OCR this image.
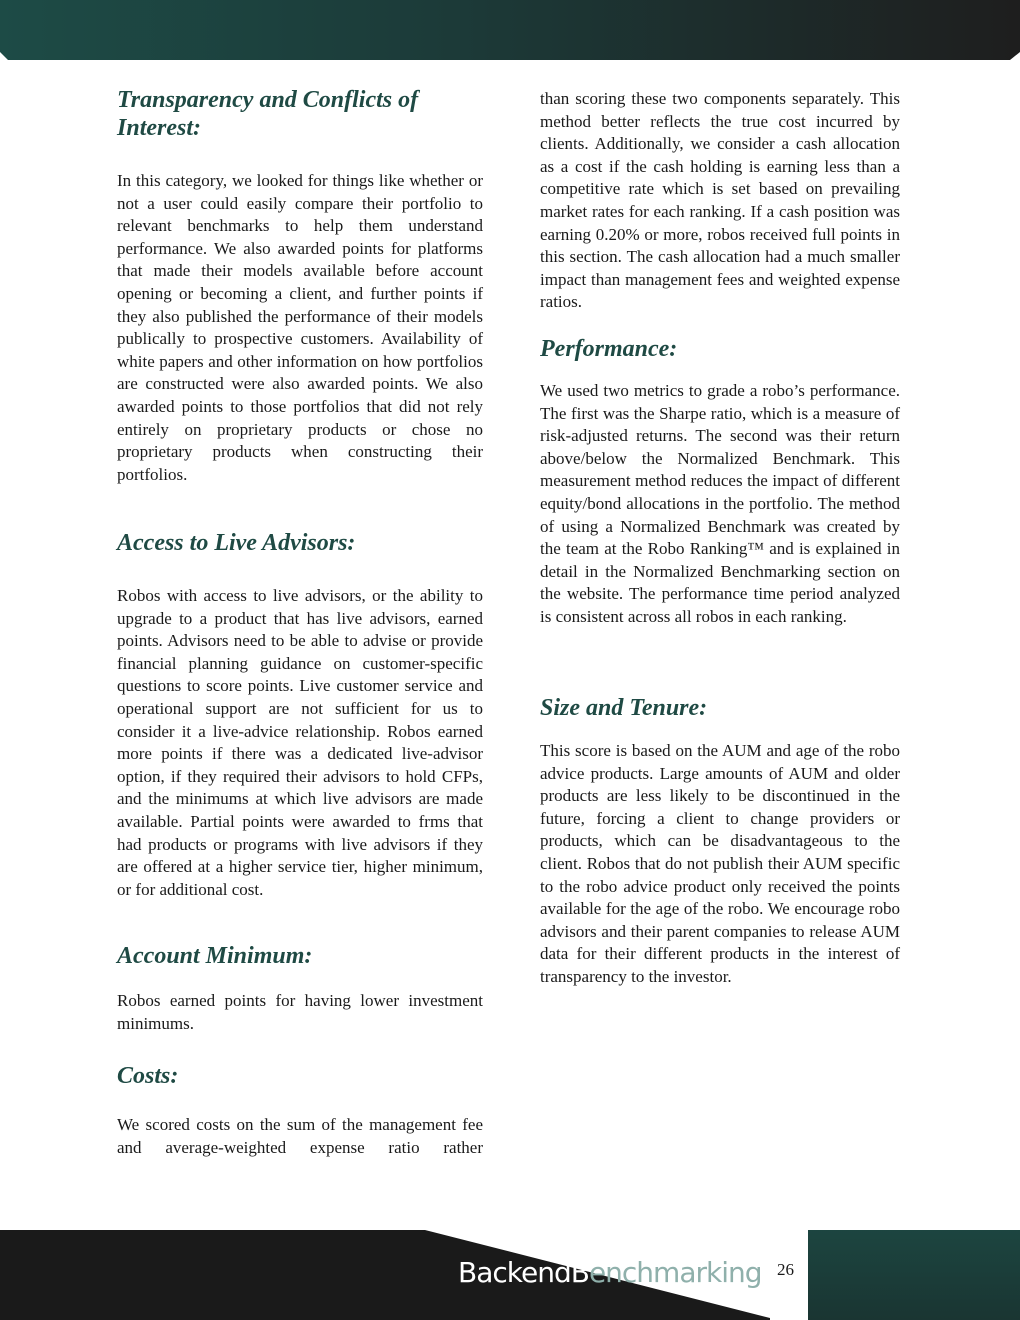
Transparency and Conflicts of Interest:

In this category, we looked for things like whether or not a user could easily compare their portfolio to relevant benchmarks to help them understand performance. We also awarded points for platforms that made their models available before account opening or becoming a client, and further points if they also published the performance of their models publically to prospective customers. Availability of white papers and other information on how portfolios are constructed were also awarded points. We also awarded points to those portfolios that did not rely entirely on proprietary products or chose no proprietary products when constructing their portfolios.

Access to Live Advisors:

Robos with access to live advisors, or the ability to upgrade to a product that has live advisors, earned points. Advisors need to be able to advise or provide financial planning guidance on customer-specific questions to score points. Live customer service and operational support are not sufficient for us to consider it a live-advice relationship. Robos earned more points if there was a dedicated live-advisor option, if they required their advisors to hold CFPs, and the minimums at which live advisors are made available. Partial points were awarded to frms that had products or programs with live advisors if they are offered at a higher service tier, higher minimum, or for additional cost.

Account Minimum:

Robos earned points for having lower investment minimums.

Costs:

We scored costs on the sum of the management fee and average-weighted expense ratio rather

than scoring these two components separately. This method better reflects the true cost incurred by clients. Additionally, we consider a cash allocation as a cost if the cash holding is earning less than a competitive rate which is set based on prevailing market rates for each ranking. If a cash position was earning 0.20% or more, robos received full points in this section. The cash allocation had a much smaller impact than management fees and weighted expense ratios.

Performance:

We used two metrics to grade a robo’s performance. The first was the Sharpe ratio, which is a measure of risk-adjusted returns. The second was their return above/below the Normalized Benchmark. This measurement method reduces the impact of different equity/bond allocations in the portfolio. The method of using a Normalized Benchmark was created by the team at the Robo Ranking™ and is explained in detail in the Normalized Benchmarking section on the website. The performance time period analyzed is consistent across all robos in each ranking.

Size and Tenure:

This score is based on the AUM and age of the robo advice products. Large amounts of AUM and older products are less likely to be discontinued in the future, forcing a client to change providers or products, which can be disadvantageous to the client. Robos that do not publish their AUM specific to the robo advice product only received the points available for the age of the robo. We encourage robo advisors and their parent companies to release AUM data for their different products in the interest of transparency to the investor.

BackendBenchmarking 26
